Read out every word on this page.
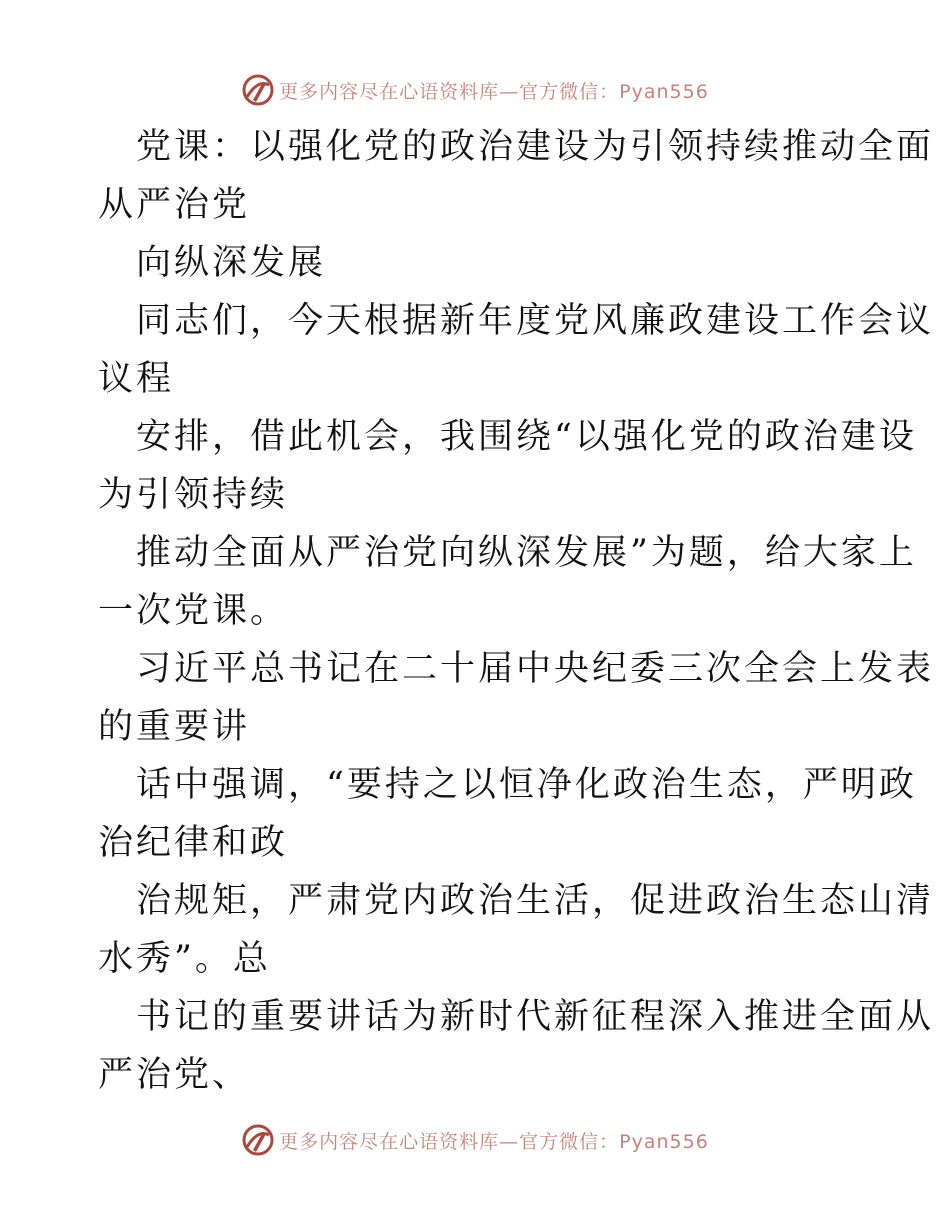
更多内容尽在心语资料库—官方微信：Pyan556
党课：以强化党的政治建设为引领持续推动全面
从严治党
向纵深发展
同志们，今天根据新年度党风廉政建设工作会议
议程
安排，借此机会，我围绕“以强化党的政治建设
为引领持续
推动全面从严治党向纵深发展”为题，给大家上
一次党课。
习近平总书记在二十届中央纪委三次全会上发表
的重要讲
话中强调，“要持之以恒净化政治生态，严明政
治纪律和政
治规矩，严肃党内政治生活，促进政治生态山清
水秀”。总
书记的重要讲话为新时代新征程深入推进全面从
严治党、
更多内容尽在心语资料库—官方微信：Pyan556
